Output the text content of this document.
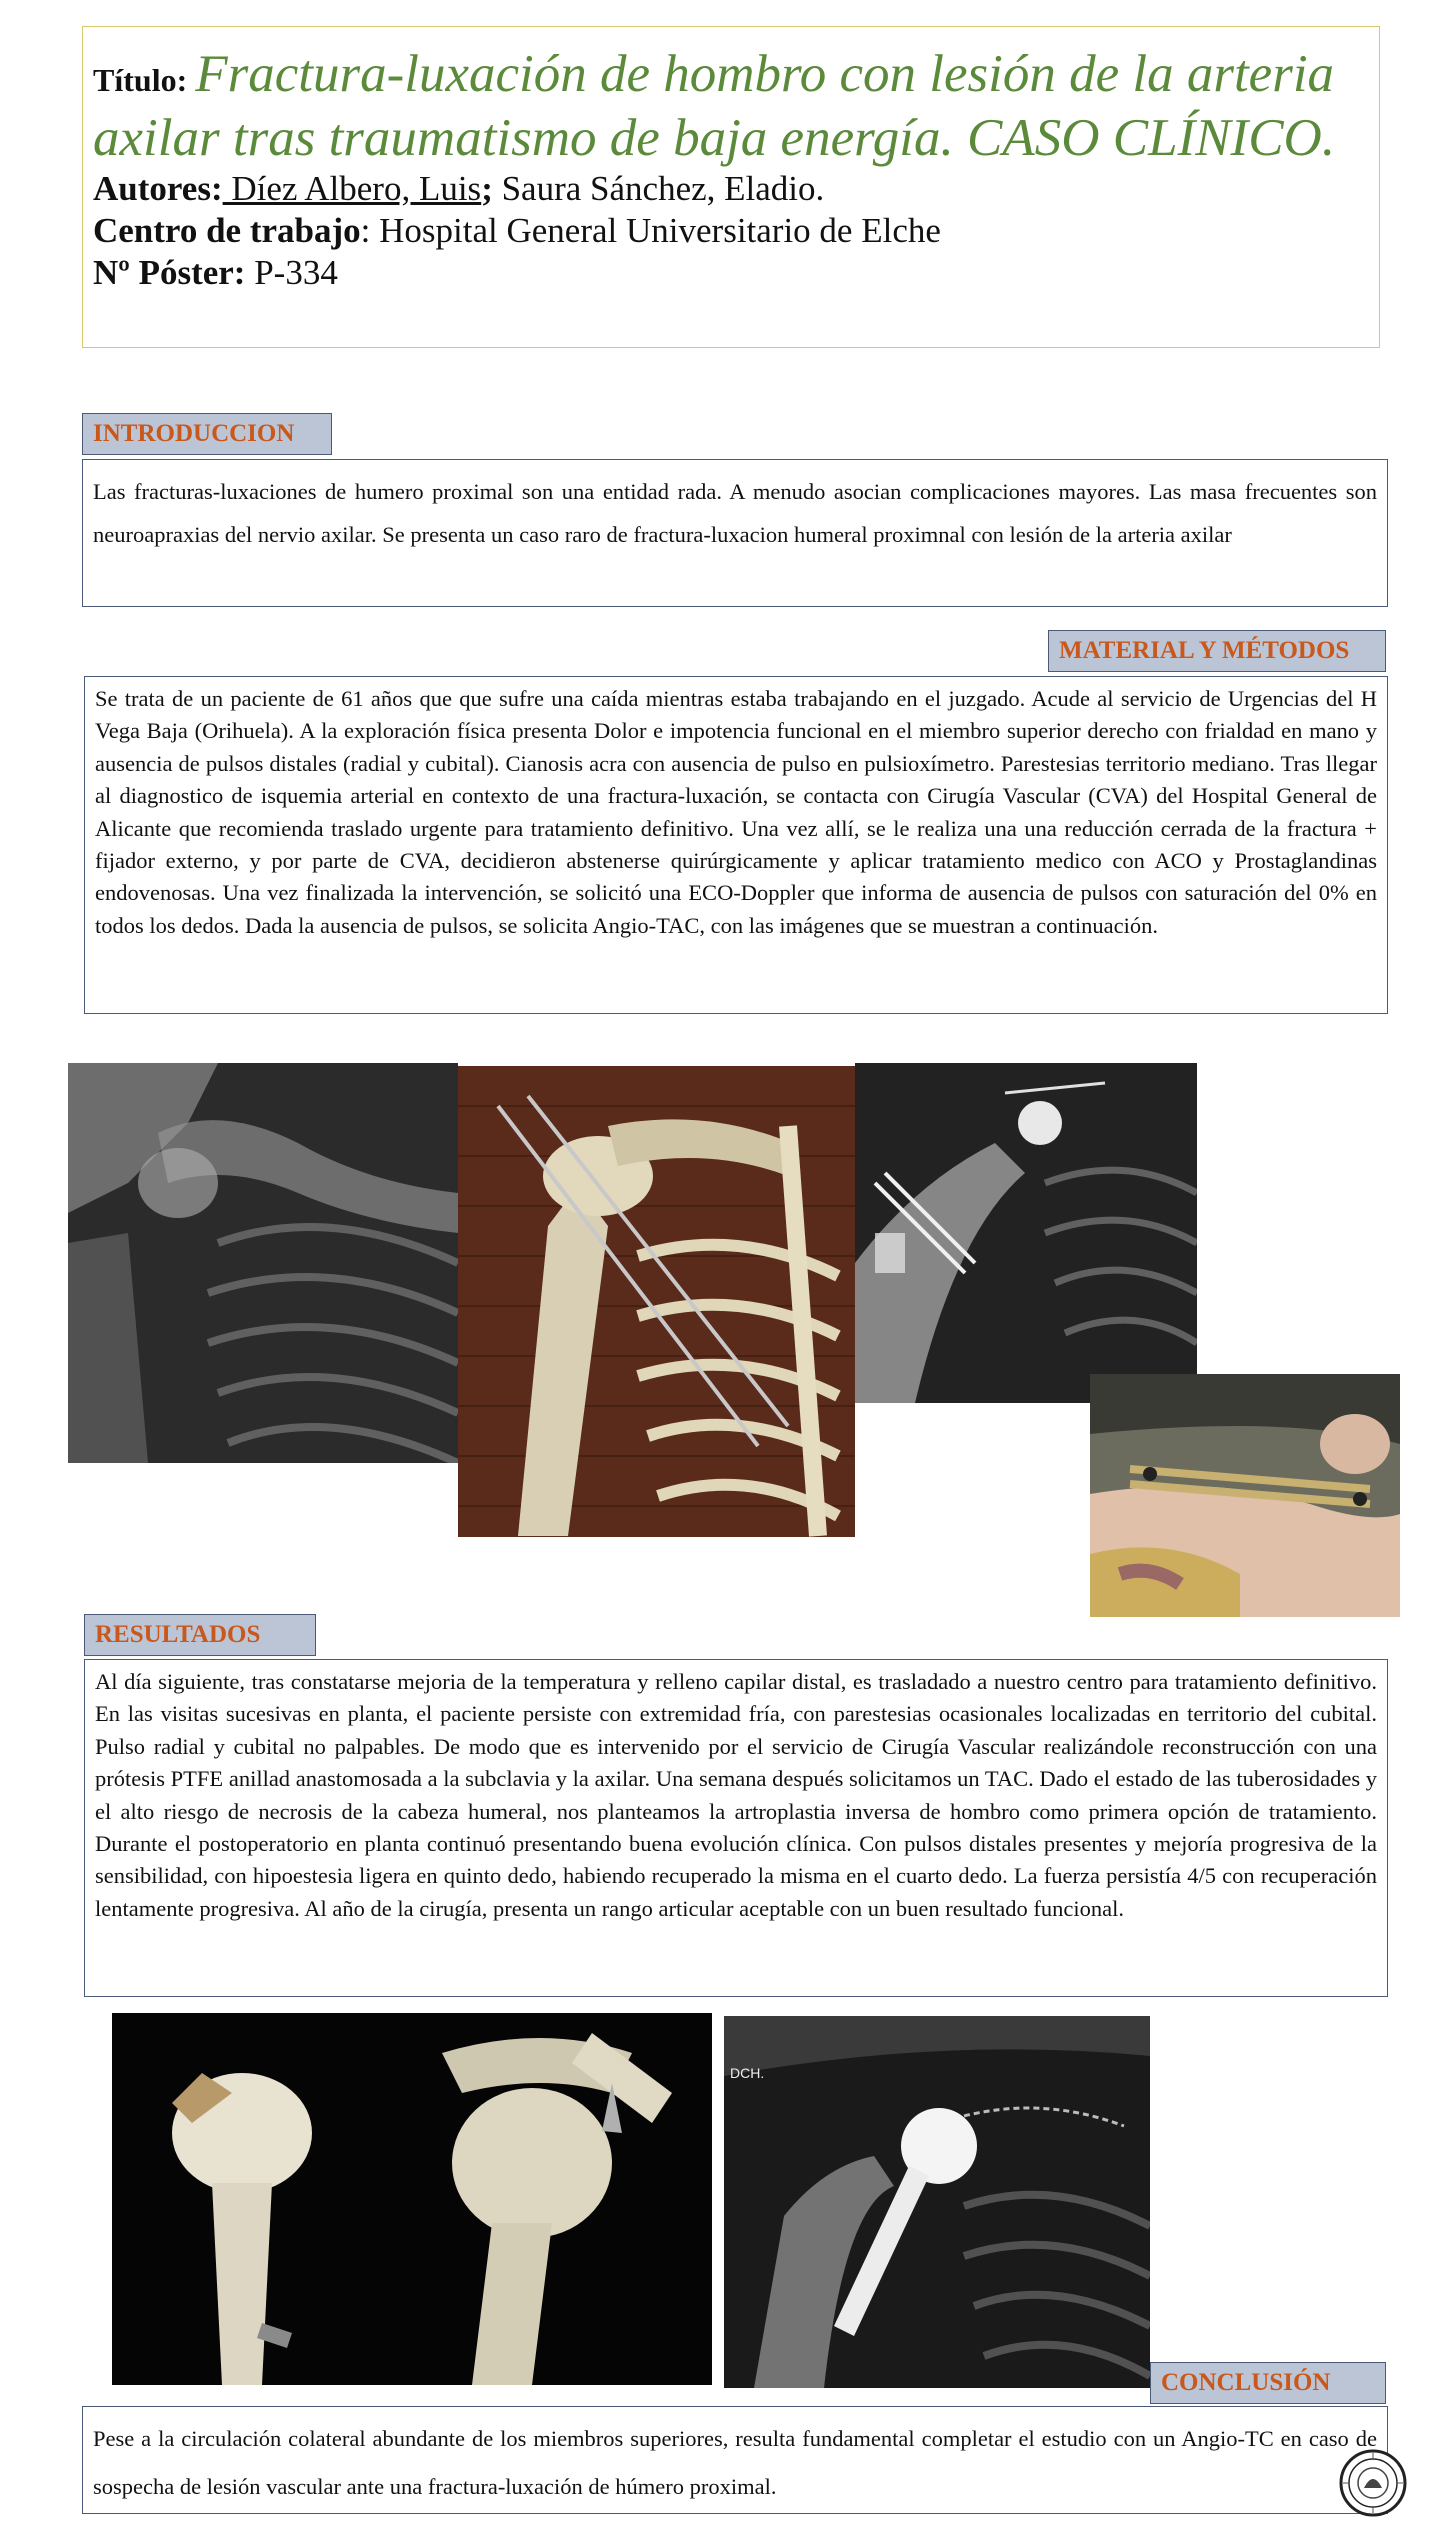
Título: Fractura-luxación de hombro con lesión de la arteria axilar tras traumatismo de baja energía. CASO CLÍNICO.
Autores: Díez Albero, Luis; Saura Sánchez, Eladio.
Centro de trabajo: Hospital General Universitario de Elche
Nº Póster: P-334
INTRODUCCION
Las fracturas-luxaciones de humero proximal son una entidad rada. A menudo asocian complicaciones mayores. Las masa frecuentes son neuroapraxias del nervio axilar. Se presenta un caso raro de fractura-luxacion humeral proximnal con lesión de la arteria axilar
MATERIAL Y MÉTODOS
Se trata de un paciente de 61 años que que sufre una caída mientras estaba trabajando en el juzgado. Acude al servicio de Urgencias del H Vega Baja (Orihuela). A la exploración física presenta Dolor e impotencia funcional en el miembro superior derecho con frialdad en mano y ausencia de pulsos distales (radial y cubital). Cianosis acra con ausencia de pulso en pulsioxímetro. Parestesias territorio mediano. Tras llegar al diagnostico de isquemia arterial en contexto de una fractura-luxación, se contacta con Cirugía Vascular (CVA) del Hospital General de Alicante que recomienda traslado urgente para tratamiento definitivo. Una vez allí, se le realiza una una reducción cerrada de la fractura + fijador externo, y por parte de CVA, decidieron abstenerse quirúrgicamente y aplicar tratamiento medico con ACO y Prostaglandinas endovenosas. Una vez finalizada la intervención, se solicitó una ECO-Doppler que informa de ausencia de pulsos con saturación del 0% en todos los dedos. Dada la ausencia de pulsos, se solicita Angio-TAC, con las imágenes que se muestran a continuación.
RESULTADOS
Al día siguiente, tras constatarse mejoria de la temperatura y relleno capilar distal, es trasladado a nuestro centro para tratamiento definitivo. En las visitas sucesivas en planta, el paciente persiste con extremidad fría, con parestesias ocasionales localizadas en territorio del cubital. Pulso radial y cubital no palpables. De modo que es intervenido por el servicio de Cirugía Vascular realizándole reconstrucción con una prótesis PTFE anillad anastomosada a la subclavia y la axilar. Una semana después solicitamos un TAC. Dado el estado de las tuberosidades y el alto riesgo de necrosis de la cabeza humeral, nos planteamos la artroplastia inversa de hombro como primera opción de tratamiento. Durante el postoperatorio en planta continuó presentando buena evolución clínica. Con pulsos distales presentes y mejoría progresiva de la sensibilidad, con hipoestesia ligera en quinto dedo, habiendo recuperado la misma en el cuarto dedo. La fuerza persistía 4/5 con recuperación lentamente progresiva. Al año de la cirugía, presenta un rango articular aceptable con un buen resultado funcional.
DCH.
CONCLUSIÓN
Pese a la circulación colateral abundante de los miembros superiores, resulta fundamental completar el estudio con un Angio-TC en caso de sospecha de lesión vascular ante una fractura-luxación de húmero proximal.
